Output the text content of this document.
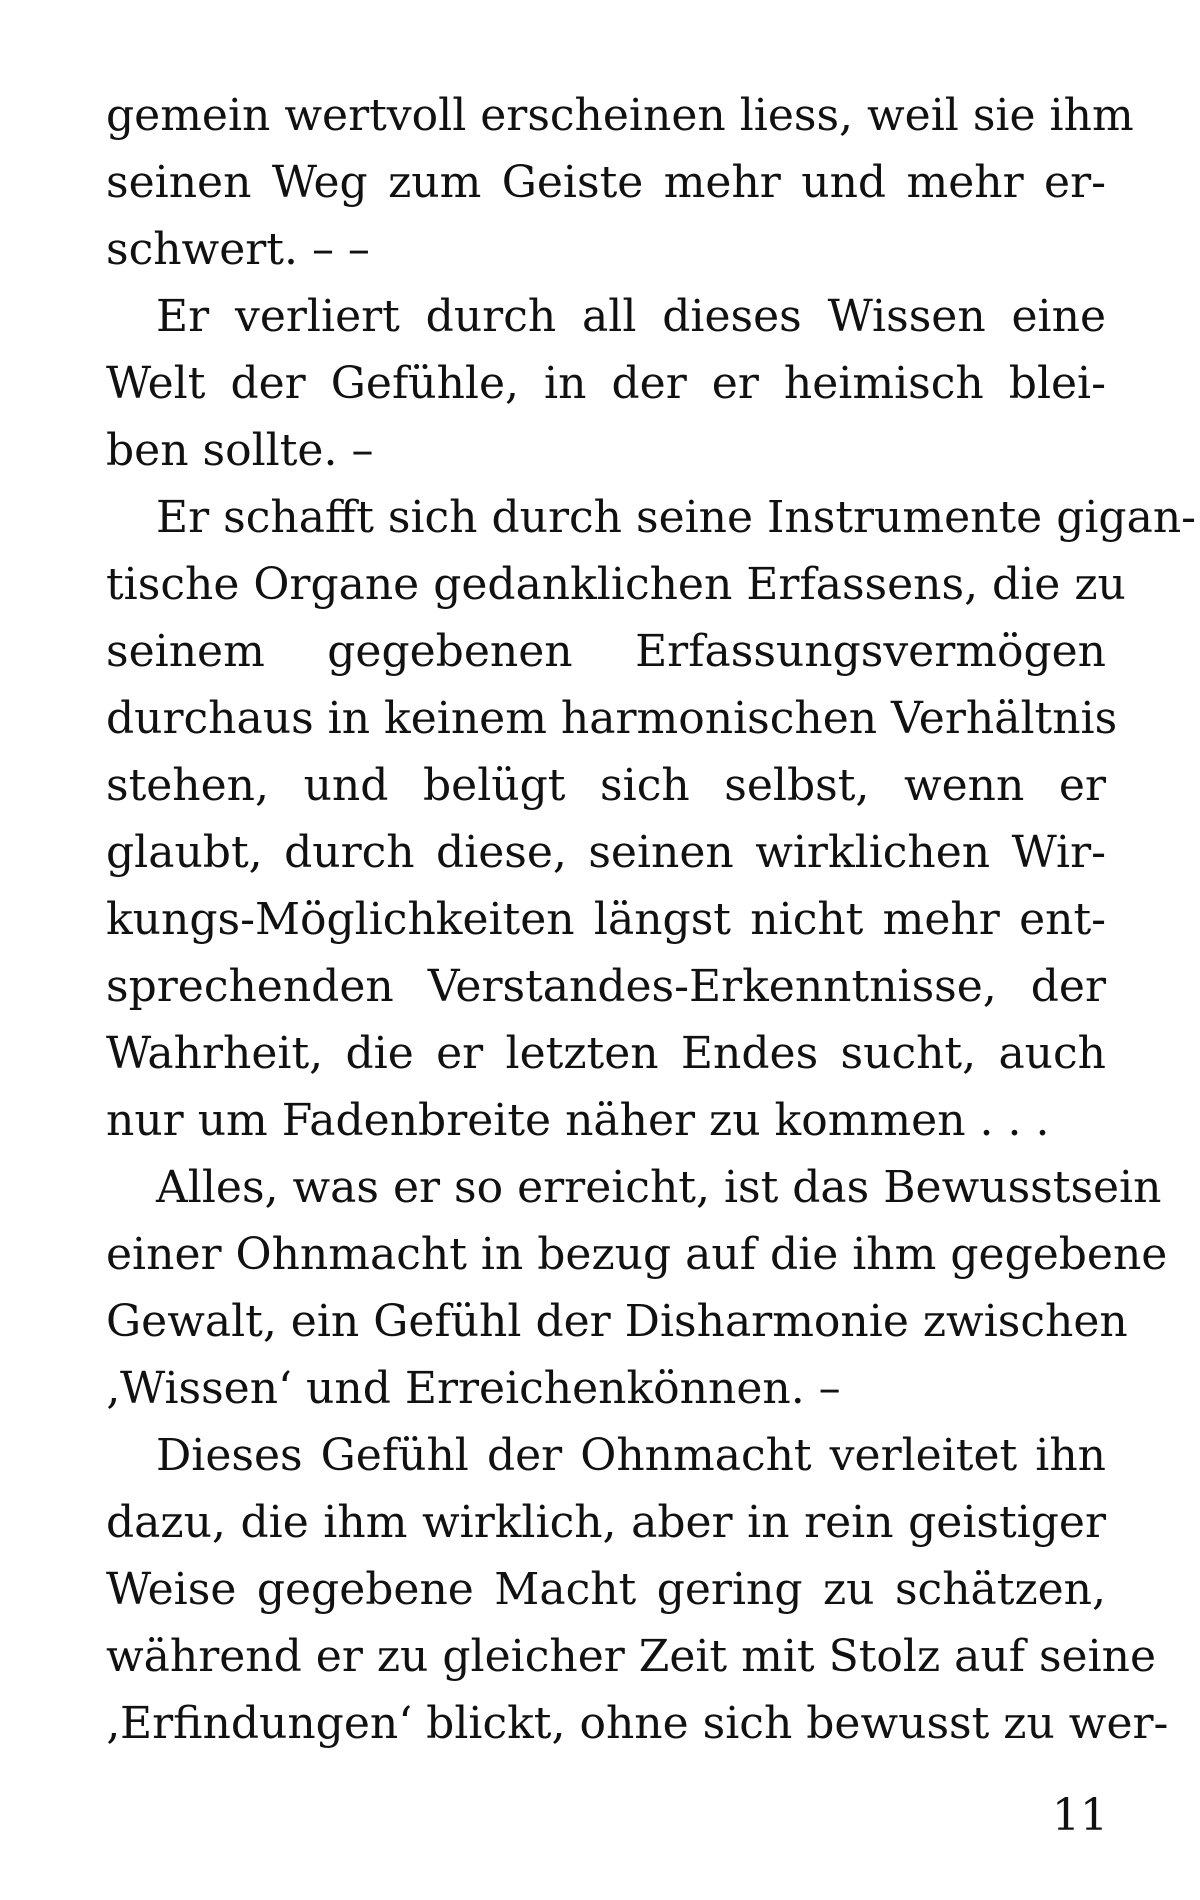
gemein wertvoll erscheinen liess, weil sie ihm
seinen Weg zum Geiste mehr und mehr er-
schwert. – –
Er verliert durch all dieses Wissen eine
Welt der Gefühle, in der er heimisch blei-
ben sollte. –
Er schafft sich durch seine Instrumente gigan-
tische Organe gedanklichen Erfassens, die zu
seinem gegebenen Erfassungsvermögen
durchaus in keinem harmonischen Verhältnis
stehen, und belügt sich selbst, wenn er
glaubt, durch diese, seinen wirklichen Wir-
kungs-Möglichkeiten längst nicht mehr ent-
sprechenden Verstandes-Erkenntnisse, der
Wahrheit, die er letzten Endes sucht, auch
nur um Fadenbreite näher zu kommen . . .
Alles, was er so erreicht, ist das Bewusstsein
einer Ohnmacht in bezug auf die ihm gegebene
Gewalt, ein Gefühl der Disharmonie zwischen
‚Wissen‘ und Erreichenkönnen. –
Dieses Gefühl der Ohnmacht verleitet ihn
dazu, die ihm wirklich, aber in rein geistiger
Weise gegebene Macht gering zu schätzen,
während er zu gleicher Zeit mit Stolz auf seine
‚Erfindungen‘ blickt, ohne sich bewusst zu wer-
11
